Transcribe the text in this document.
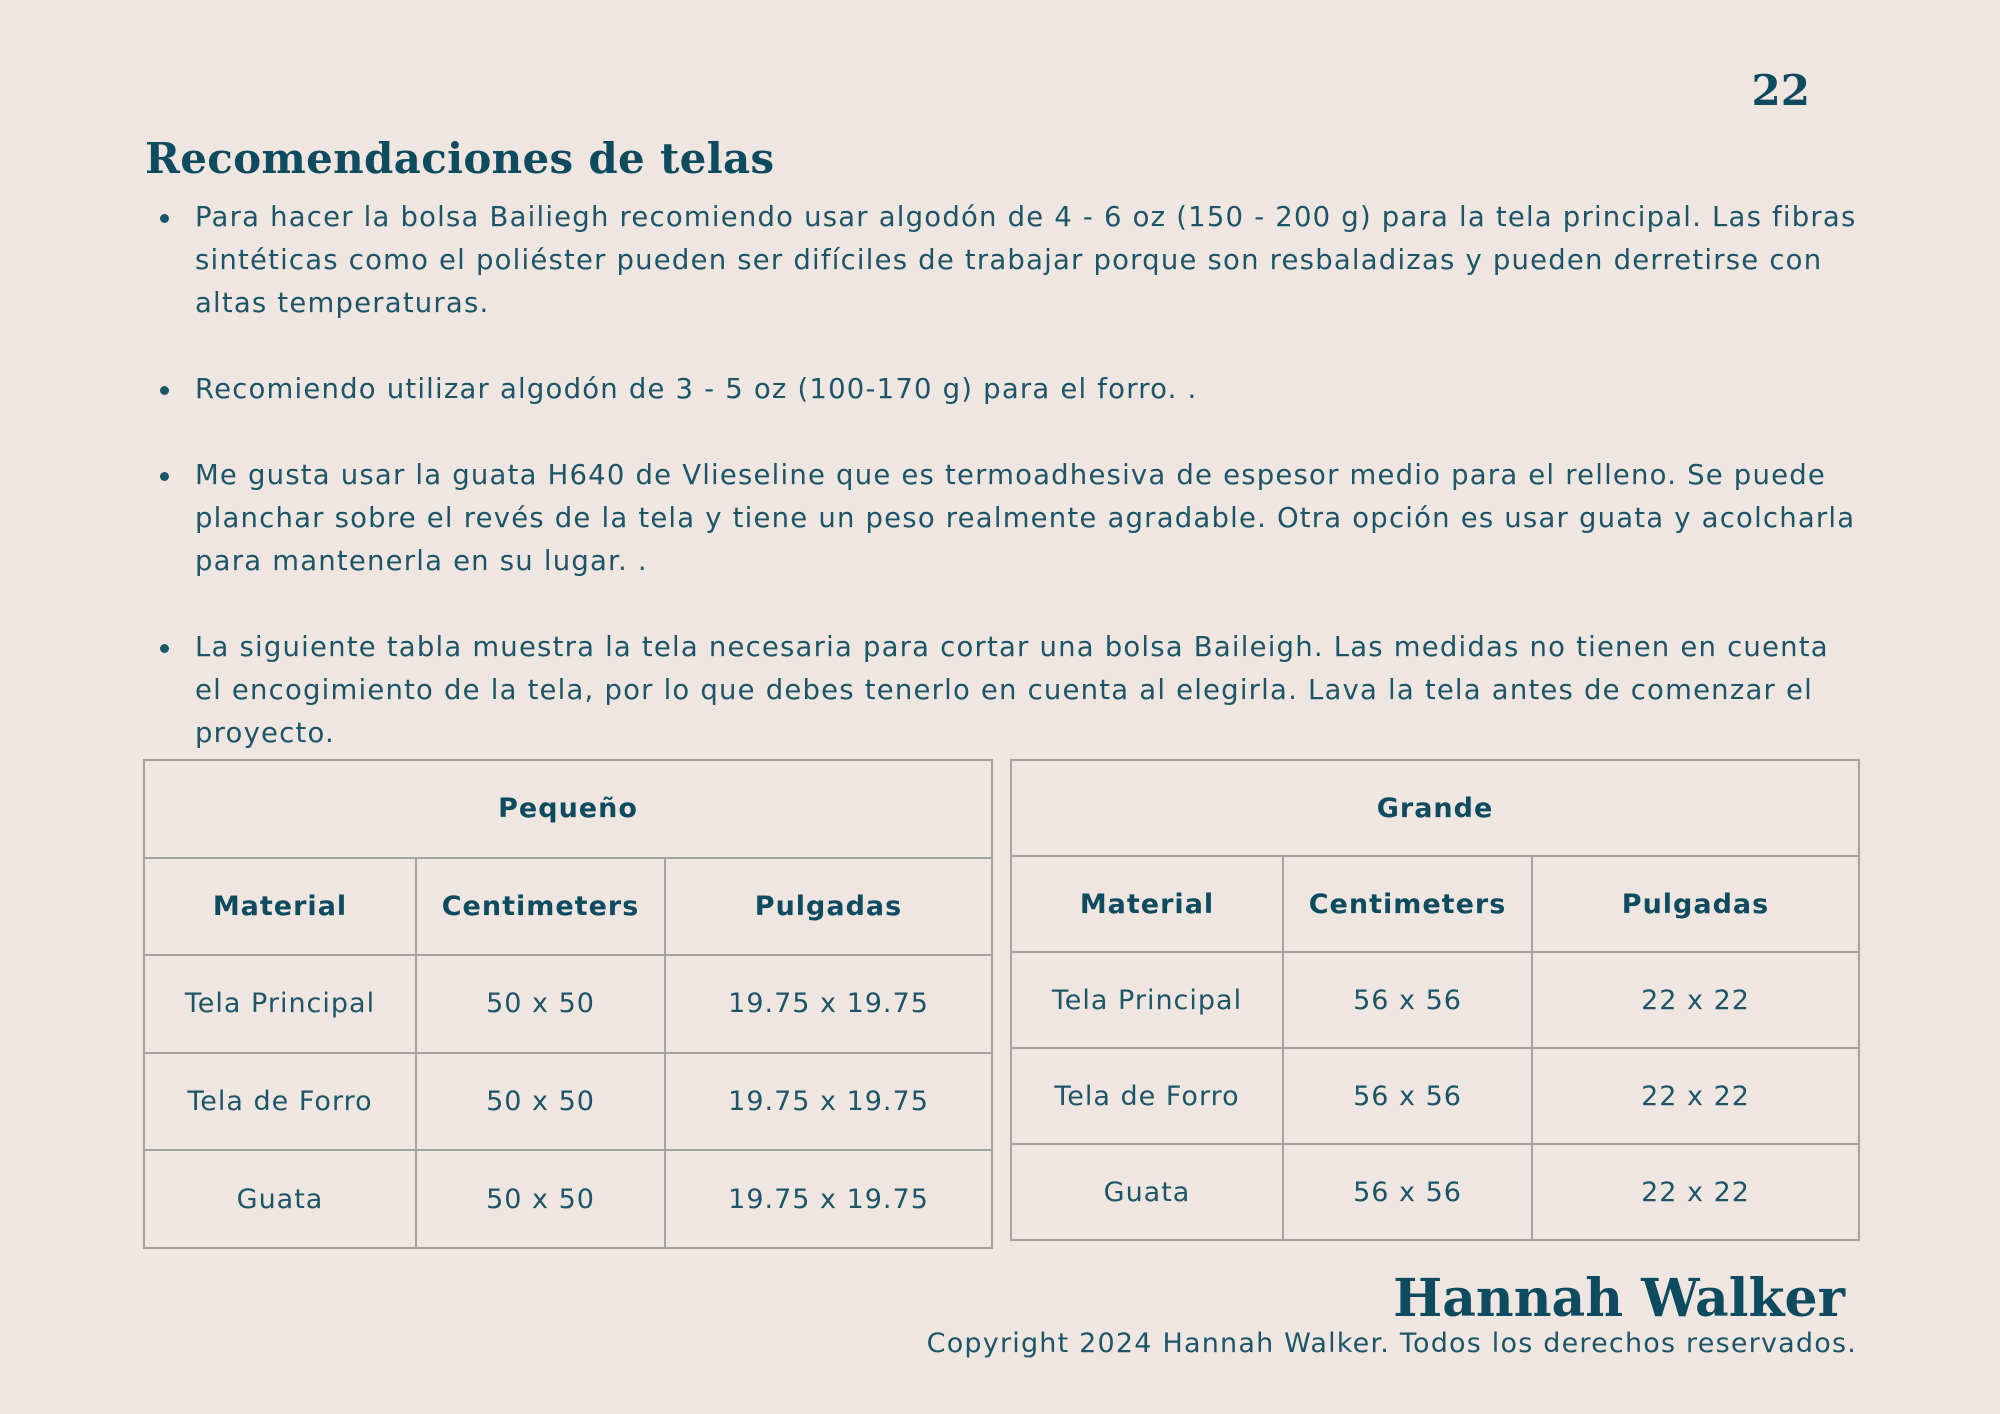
22
Recomendaciones de telas
Para hacer la bolsa Bailiegh recomiendo usar algodón de 4 - 6 oz (150 - 200 g) para la tela principal. Las fibras sintéticas como el poliéster pueden ser difíciles de trabajar porque son resbaladizas y pueden derretirse con altas temperaturas.
Recomiendo utilizar algodón de 3 - 5 oz (100-170 g) para el forro. .
Me gusta usar la guata H640 de Vlieseline que es termoadhesiva de espesor medio para el relleno. Se puede planchar sobre el revés de la tela y tiene un peso realmente agradable. Otra opción es usar guata y acolcharla para mantenerla en su lugar. .
La siguiente tabla muestra la tela necesaria para cortar una bolsa Baileigh. Las medidas no tienen en cuenta el encogimiento de la tela, por lo que debes tenerlo en cuenta al elegirla. Lava la tela antes de comenzar el proyecto.
Pequeño		
Material	Centimeters	Pulgadas
Tela Principal	50 x 50	19.75 x 19.75
Tela de Forro	50 x 50	19.75 x 19.75
Guata	50 x 50	19.75 x 19.75
Grande		
Material	Centimeters	Pulgadas
Tela Principal	56 x 56	22 x 22
Tela de Forro	56 x 56	22 x 22
Guata	56 x 56	22 x 22
Hannah Walker
Copyright 2024 Hannah Walker. Todos los derechos reservados.
